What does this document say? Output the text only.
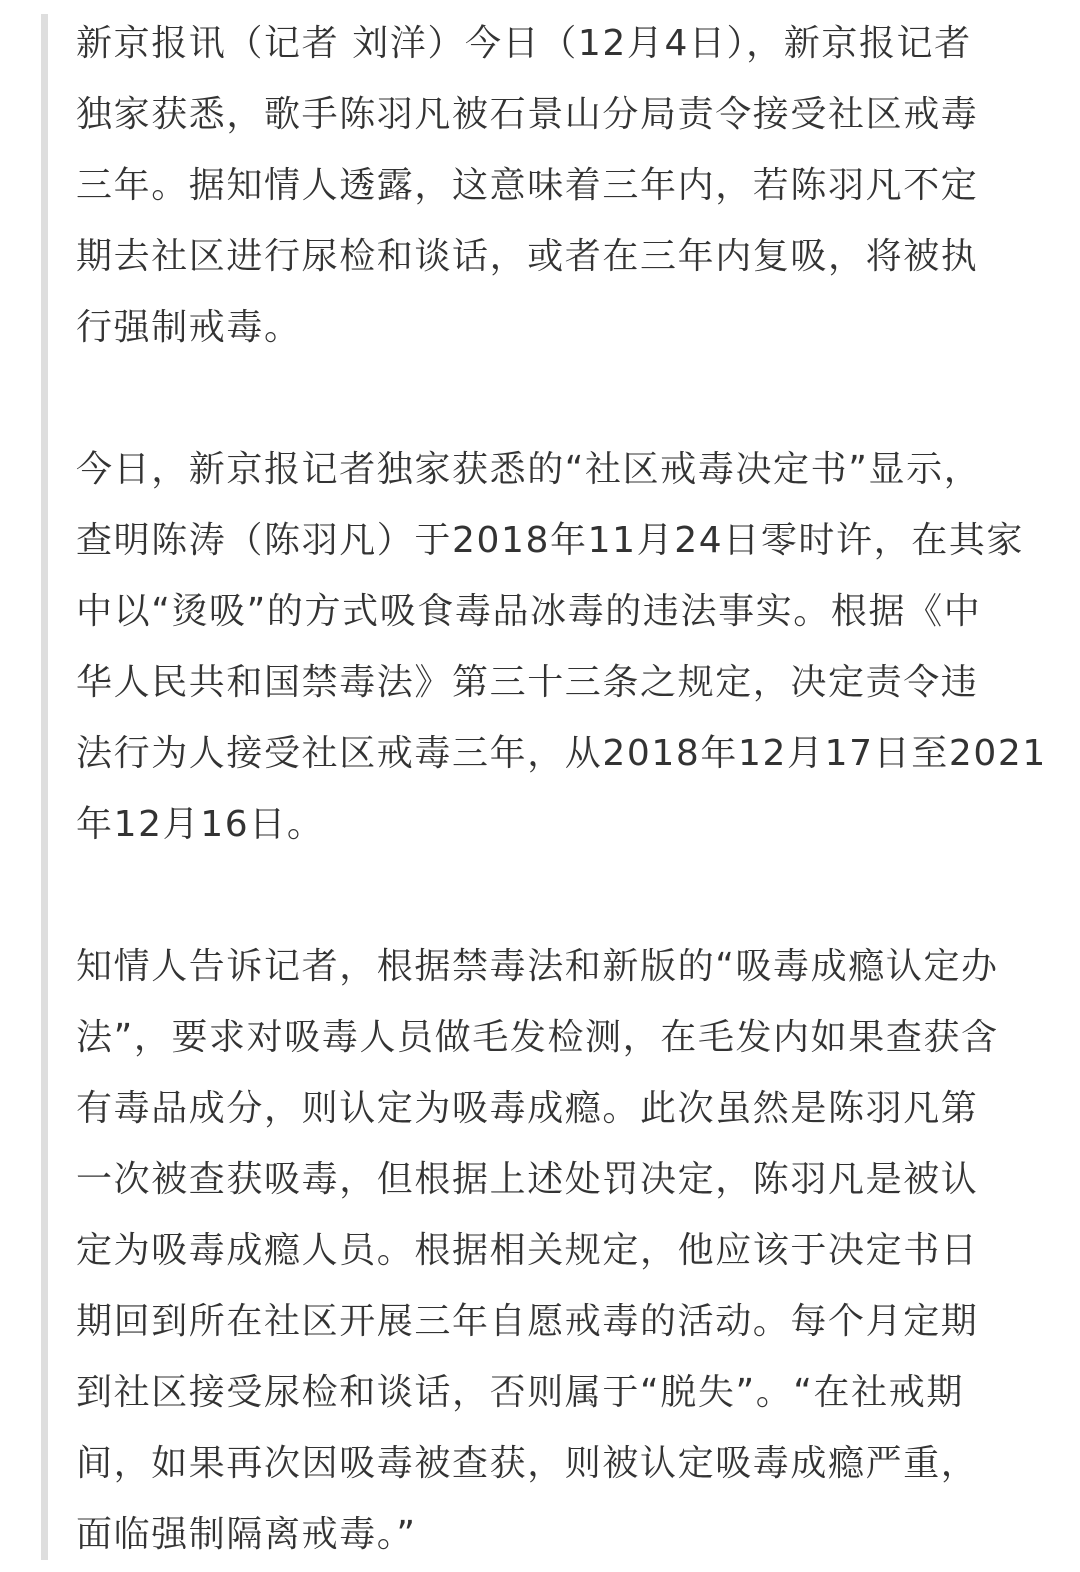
新京报讯（记者 刘洋）今日（12月4日），新京报记者
独家获悉，歌手陈羽凡被石景山分局责令接受社区戒毒
三年。据知情人透露，这意味着三年内，若陈羽凡不定
期去社区进行尿检和谈话，或者在三年内复吸，将被执
行强制戒毒。
今日，新京报记者独家获悉的“社区戒毒决定书”显示，
查明陈涛（陈羽凡）于2018年11月24日零时许，在其家
中以“烫吸”的方式吸食毒品冰毒的违法事实。根据《中
华人民共和国禁毒法》第三十三条之规定，决定责令违
法行为人接受社区戒毒三年，从2018年12月17日至2021
年12月16日。
知情人告诉记者，根据禁毒法和新版的“吸毒成瘾认定办
法”，要求对吸毒人员做毛发检测，在毛发内如果查获含
有毒品成分，则认定为吸毒成瘾。此次虽然是陈羽凡第
一次被查获吸毒，但根据上述处罚决定，陈羽凡是被认
定为吸毒成瘾人员。根据相关规定，他应该于决定书日
期回到所在社区开展三年自愿戒毒的活动。每个月定期
到社区接受尿检和谈话，否则属于“脱失”。“在社戒期
间，如果再次因吸毒被查获，则被认定吸毒成瘾严重，
面临强制隔离戒毒。”
